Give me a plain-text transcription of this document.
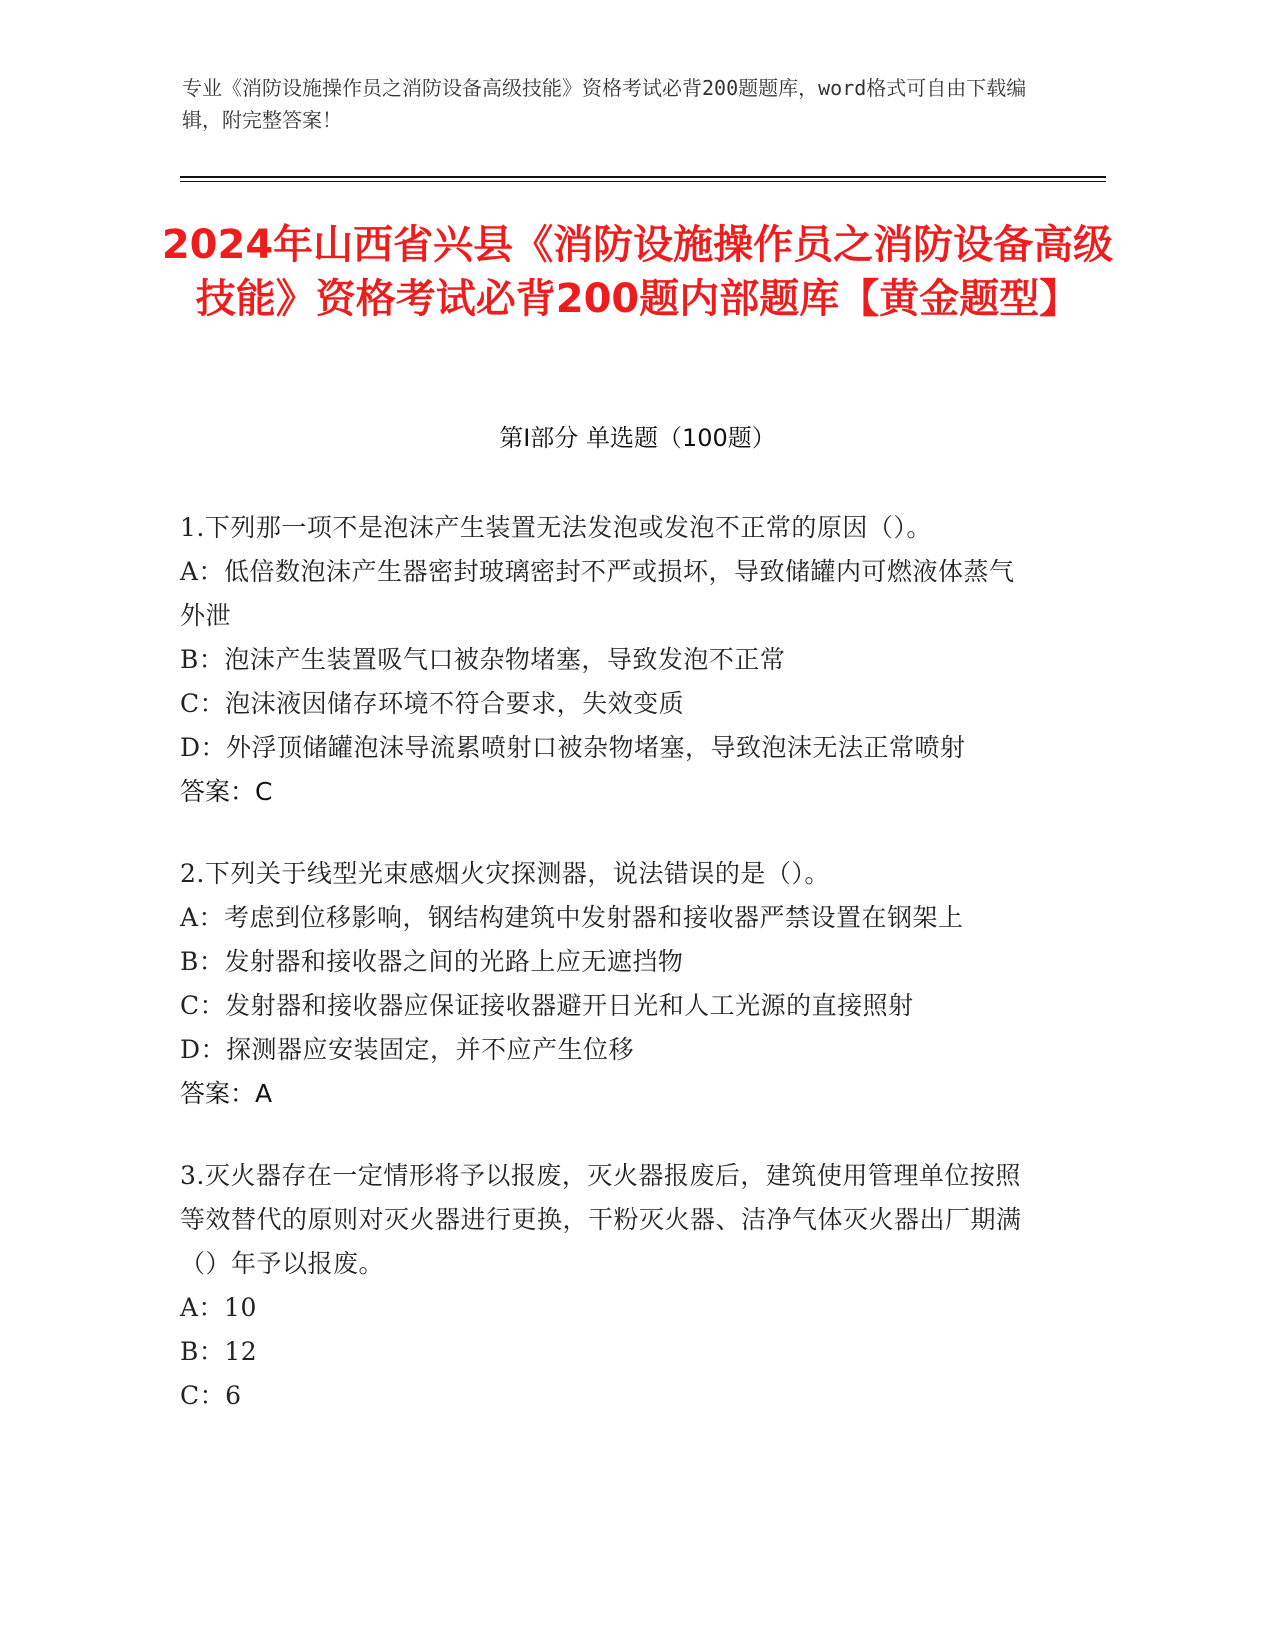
专业《消防设施操作员之消防设备高级技能》资格考试必背200题题库，word格式可自由下载编辑，附完整答案！
2024年山西省兴县《消防设施操作员之消防设备高级技能》资格考试必背200题内部题库【黄金题型】
第I部分 单选题（100题）
1.下列那一项不是泡沫产生装置无法发泡或发泡不正常的原因（）。
A：低倍数泡沫产生器密封玻璃密封不严或损坏，导致储罐内可燃液体蒸气外泄
B：泡沫产生装置吸气口被杂物堵塞，导致发泡不正常
C：泡沫液因储存环境不符合要求，失效变质
D：外浮顶储罐泡沫导流累喷射口被杂物堵塞，导致泡沫无法正常喷射
答案：C
2.下列关于线型光束感烟火灾探测器，说法错误的是（）。
A：考虑到位移影响，钢结构建筑中发射器和接收器严禁设置在钢架上
B：发射器和接收器之间的光路上应无遮挡物
C：发射器和接收器应保证接收器避开日光和人工光源的直接照射
D：探测器应安装固定，并不应产生位移
答案：A
3.灭火器存在一定情形将予以报废，灭火器报废后，建筑使用管理单位按照等效替代的原则对灭火器进行更换，干粉灭火器、洁净气体灭火器出厂期满（）年予以报废。
A：10
B：12
C：6
